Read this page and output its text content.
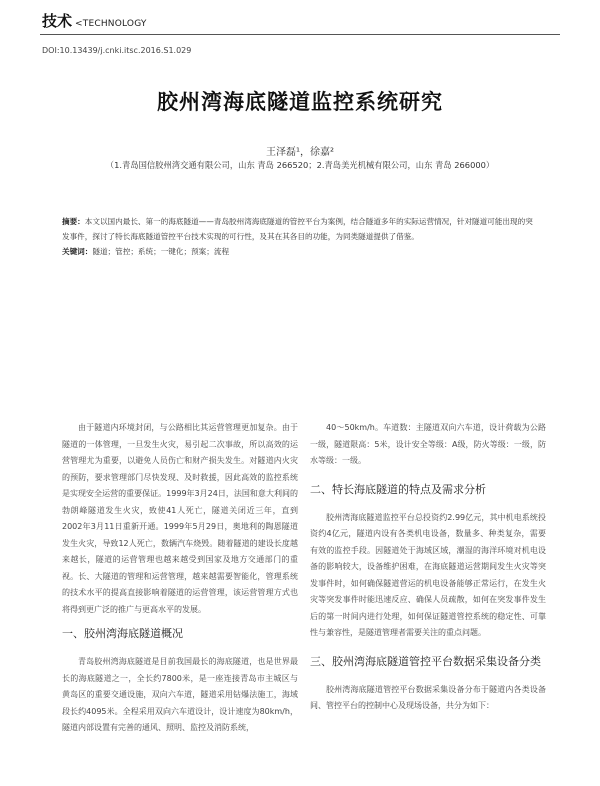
技术 <TECHNOLOGY
DOI:10.13439/j.cnki.itsc.2016.S1.029
胶州湾海底隧道监控系统研究
王泽磊¹，徐嘉²
（1.青岛国信胶州湾交通有限公司，山东 青岛 266520；2.青岛美光机械有限公司，山东 青岛 266000）
摘要：本文以国内最长、第一的海底隧道——青岛胶州湾海底隧道的管控平台为案例，结合隧道多年的实际运营情况，针对隧道可能出现的突发事件，探讨了特长海底隧道管控平台技术实现的可行性，及其在其各目的功能，为同类隧道提供了借鉴。
关键词：隧道；管控；系统；一键化；预案；流程

由于隧道内环境封闭，与公路相比其运营管理更加复杂。由于隧道的一体管理，一旦发生火灾，易引起二次事故，所以高效的运营管理尤为重要，以避免人员伤亡和财产损失发生。对隧道内火灾的预防，要求管理部门尽快发现、及时救援，因此高效的监控系统是实现安全运营的重要保证。1999年3月24日，法国和意大利间的勃朗峰隧道发生火灾，致使41人死亡，隧道关闭近三年，直到2002年3月11日重新开通。1999年5月29日，奥地利的陶恩隧道发生火灾，导致12人死亡，数辆汽车烧毁。随着隧道的建设长度越来越长，隧道的运营管理也越来越受到国家及地方交通部门的重视。长、大隧道的管理和运营管理，越来越需要智能化，管理系统的技术水平的提高直接影响着隧道的运营管理，该运营管理方式也将得到更广泛的推广与更高水平的发展。

一、胶州湾海底隧道概况

青岛胶州湾海底隧道是目前我国最长的海底隧道，也是世界最长的海底隧道之一，全长约7800米，是一座连接青岛市主城区与黄岛区的重要交通设施，双向六车道，隧道采用钻爆法施工，海域段长约4095米。全程采用双向六车道设计，设计速度为80km/h，隧道内部设置有完善的通风、照明、监控及消防系统，

40～50km/h。车道数：主隧道双向六车道，设计荷载为公路一级，隧道限高：5米，设计安全等级：A级，防火等级：一级，防水等级：一级。

二、特长海底隧道的特点及需求分析

胶州湾海底隧道监控平台总投资约2.99亿元，其中机电系统投资约4亿元，隧道内设有各类机电设备，数量多、种类复杂，需要有效的监控手段。因隧道处于海域区域，潮湿的海洋环境对机电设备的影响较大，设备维护困难，在海底隧道运营期间发生火灾等突发事件时，如何确保隧道营运的机电设备能够正常运行，在发生火灾等突发事件时能迅速反应、确保人员疏散，如何在突发事件发生后的第一时间内进行处理，如何保证隧道管控系统的稳定性、可靠性与兼容性，是隧道管理者需要关注的重点问题。

三、胶州湾海底隧道管控平台数据采集设备分类

胶州湾海底隧道管控平台数据采集设备分布于隧道内各类设备间、管控平台的控制中心及现场设备，共分为如下：
